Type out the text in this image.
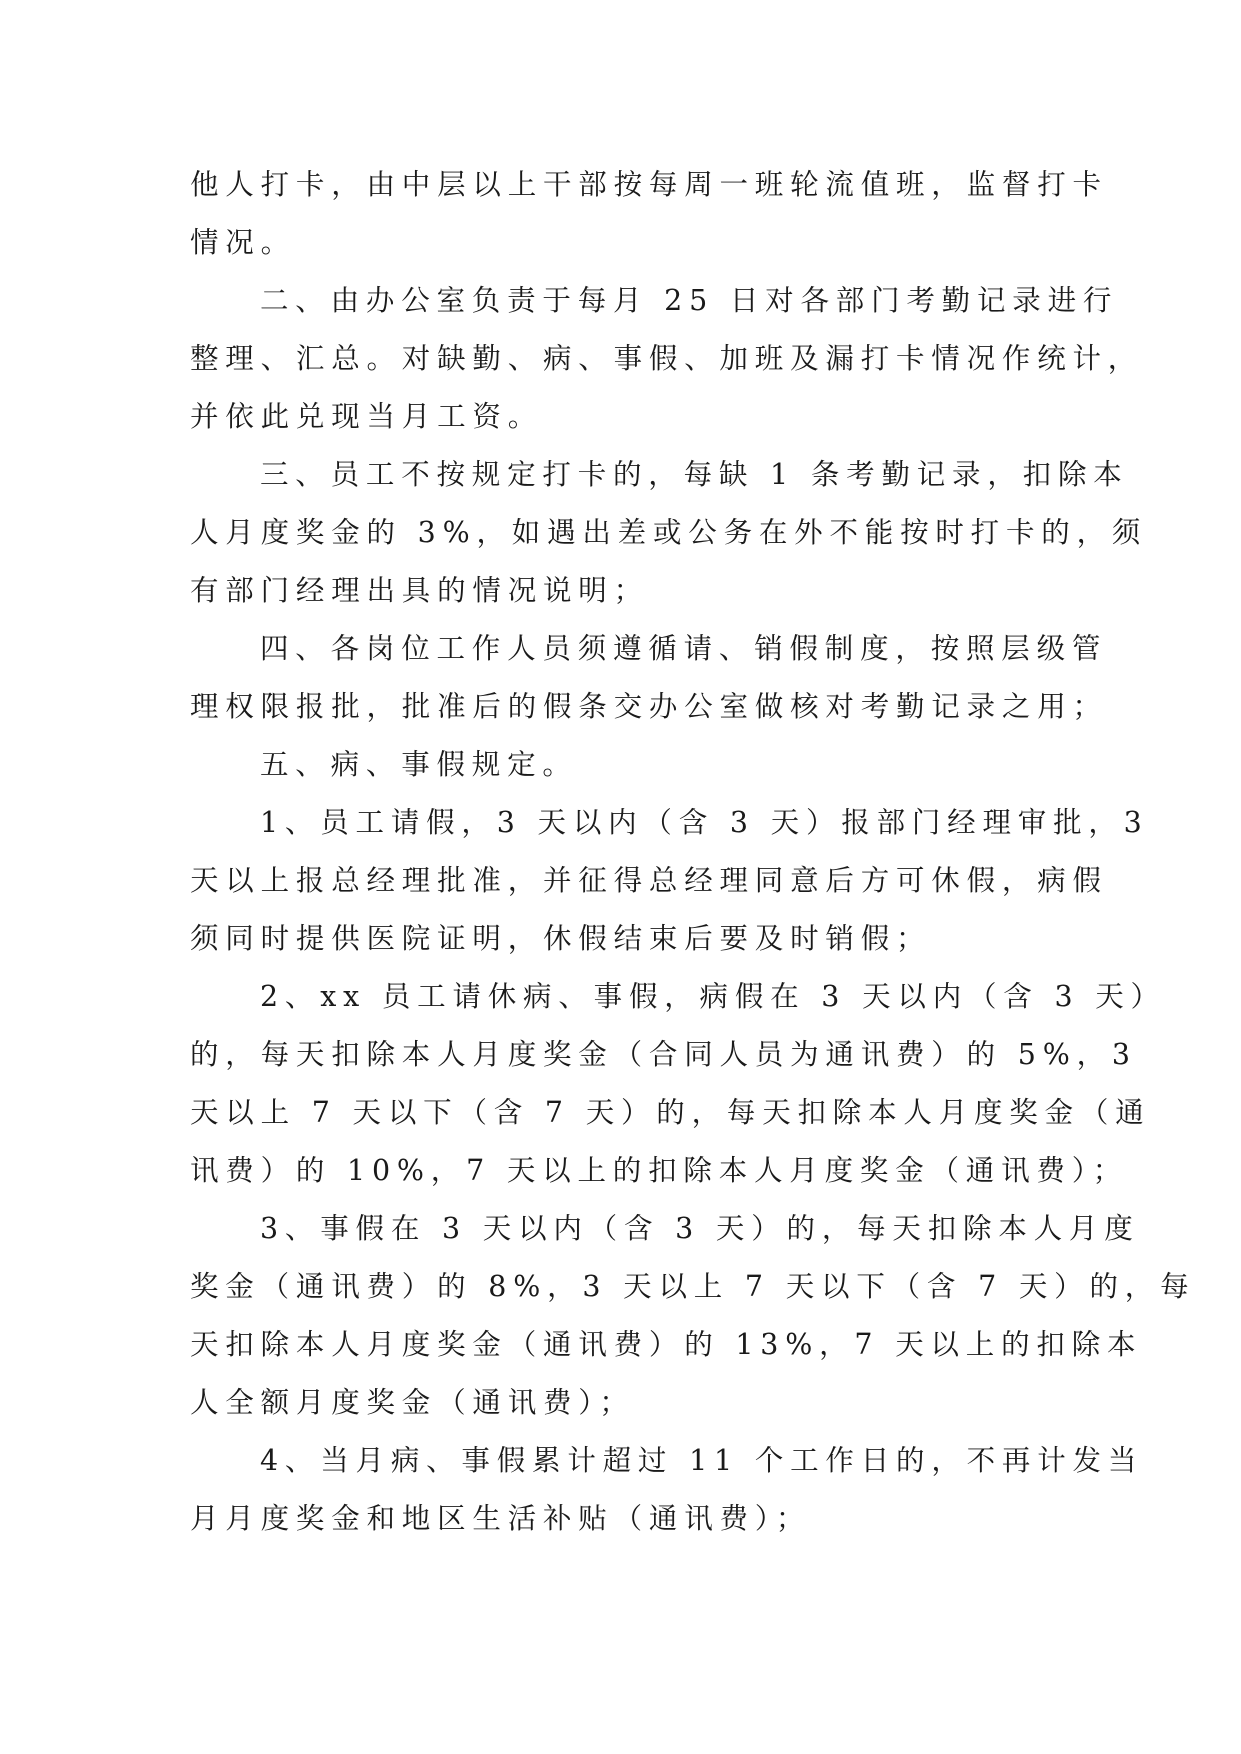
他人打卡，由中层以上干部按每周一班轮流值班，监督打卡
情况。
二、由办公室负责于每月 25 日对各部门考勤记录进行
整理、汇总。对缺勤、病、事假、加班及漏打卡情况作统计，
并依此兑现当月工资。
三、员工不按规定打卡的，每缺 1 条考勤记录，扣除本
人月度奖金的 3%，如遇出差或公务在外不能按时打卡的，须
有部门经理出具的情况说明；
四、各岗位工作人员须遵循请、销假制度，按照层级管
理权限报批，批准后的假条交办公室做核对考勤记录之用；
五、病、事假规定。
1、员工请假，3 天以内（含 3 天）报部门经理审批，3
天以上报总经理批准，并征得总经理同意后方可休假，病假
须同时提供医院证明，休假结束后要及时销假；
2、xx 员工请休病、事假，病假在 3 天以内（含 3 天）
的，每天扣除本人月度奖金（合同人员为通讯费）的 5%，3
天以上 7 天以下（含 7 天）的，每天扣除本人月度奖金（通
讯费）的 10%，7 天以上的扣除本人月度奖金（通讯费）；
3、事假在 3 天以内（含 3 天）的，每天扣除本人月度
奖金（通讯费）的 8%，3 天以上 7 天以下（含 7 天）的，每
天扣除本人月度奖金（通讯费）的 13%，7 天以上的扣除本
人全额月度奖金（通讯费）；
4、当月病、事假累计超过 11 个工作日的，不再计发当
月月度奖金和地区生活补贴（通讯费）；
